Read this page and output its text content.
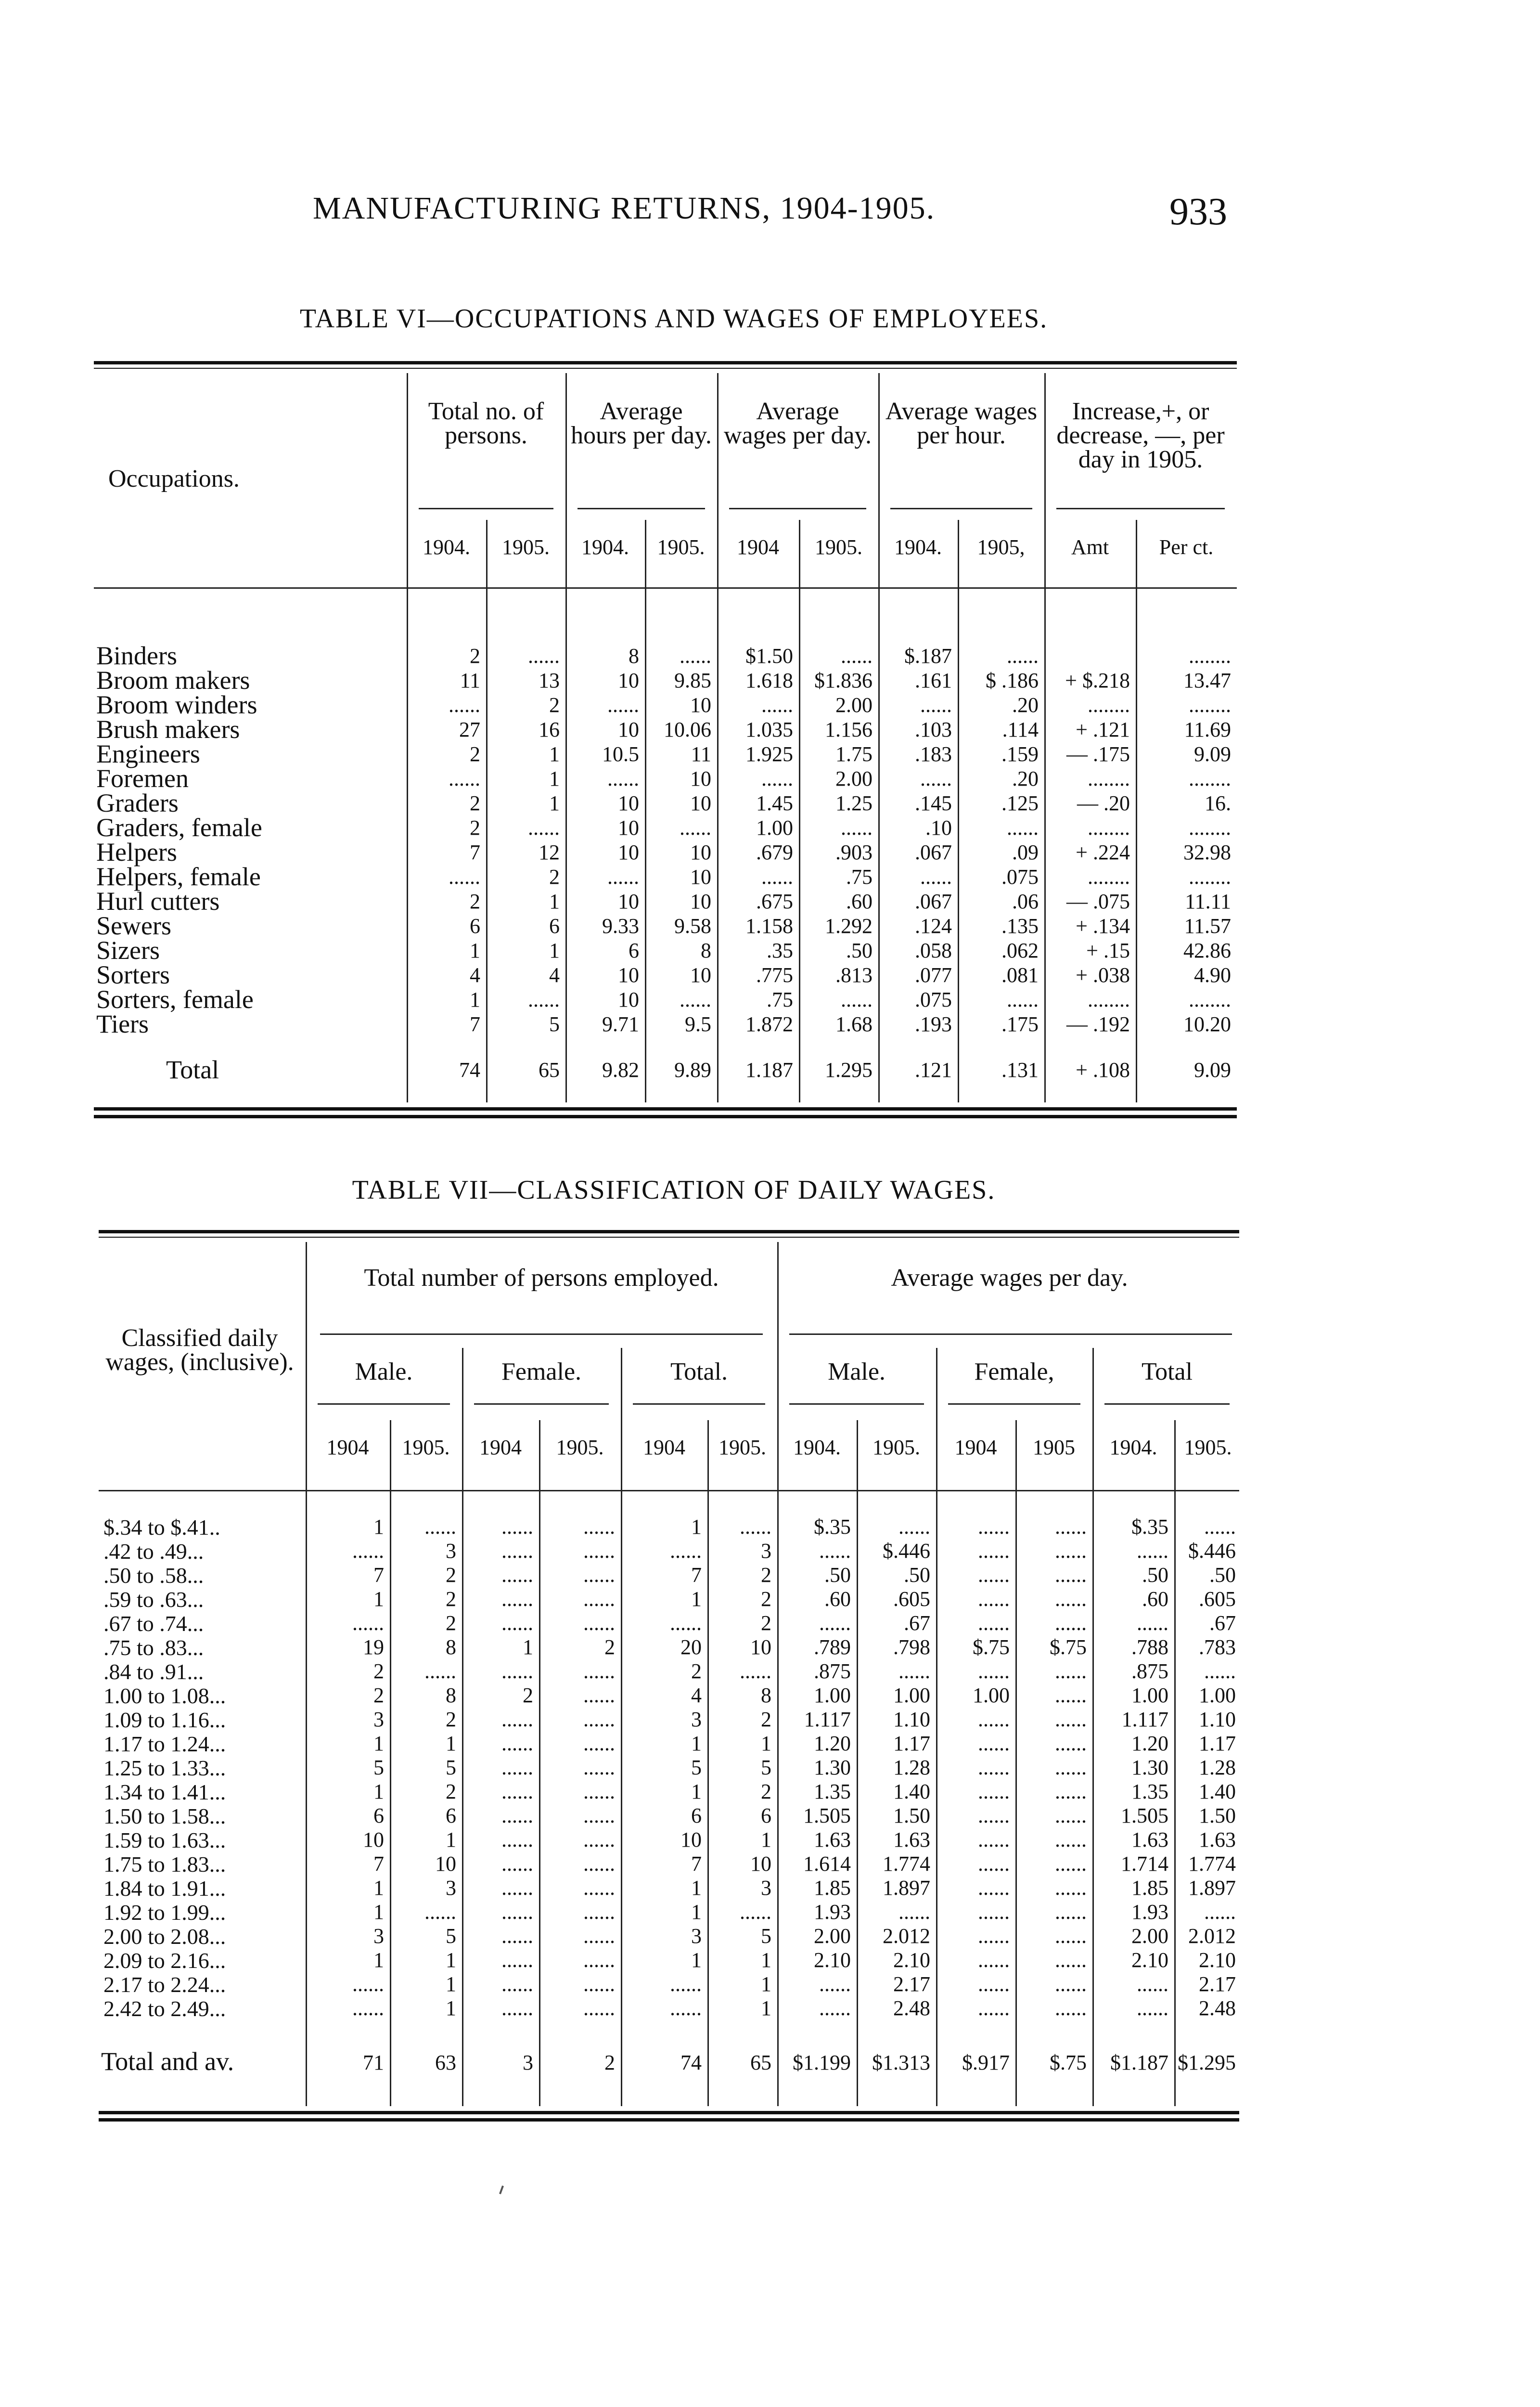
MANUFACTURING RETURNS, 1904-1905.	933
TABLE VI—OCCUPATIONS AND WAGES OF EMPLOYEES.
Occupations.
Total no. of persons.
Average hours per day.
Average wages per day.
Average wages per hour.
Increase,+, or decrease, —, per day in 1905.
1904.	1905.	1904.	1905.	1904	1905.	1904.	1905,	Amt	Per ct.
Binders	2	......	8	......	$1.50	......	$.187	......	........
Broom makers	11	13	10	9.85	1.618	$1.836	.161	$ .186	+ $.218	13.47
Broom winders	......	2	......	10	......	2.00	......	.20	........	........
Brush makers	27	16	10	10.06	1.035	1.156	.103	.114	+ .121	11.69
Engineers	2	1	10.5	11	1.925	1.75	.183	.159	— .175	9.09
Foremen	......	1	......	10	......	2.00	......	.20	........	........
Graders	2	1	10	10	1.45	1.25	.145	.125	— .20	16.
Graders, female	2	......	10	......	1.00	......	.10	......	........	........
Helpers	7	12	10	10	.679	.903	.067	.09	+ .224	32.98
Helpers, female	......	2	......	10	......	.75	......	.075	........	........
Hurl cutters	2	1	10	10	.675	.60	.067	.06	— .075	11.11
Sewers	6	6	9.33	9.58	1.158	1.292	.124	.135	+ .134	11.57
Sizers	1	1	6	8	.35	.50	.058	.062	+ .15	42.86
Sorters	4	4	10	10	.775	.813	.077	.081	+ .038	4.90
Sorters, female	1	......	10	......	.75	......	.075	......	........	........
Tiers	7	5	9.71	9.5	1.872	1.68	.193	.175	— .192	10.20
Total	74	65	9.82	9.89	1.187	1.295	.121	.131	+ .108	9.09
TABLE VII—CLASSIFICATION OF DAILY WAGES.
Classified daily wages, (inclusive).
Total number of persons employed.	Average wages per day.
Male.	Female.	Total.	Male.	Female,	Total
1904	1905.	1904	1905.	1904	1905.	1904.	1905.	1904	1905	1904.	1905.
$.34 to $.41..	1	......	......	......	1	......	$.35	......	......	......	$.35	......
.42 to .49...	......	3	......	......	......	3	......	$.446	......	......	...... $.446
.50 to .58...	7	2	......	......	7	2	.50	.50	......	......	.50	.50
.59 to .63...	1	2	......	......	1	2	.60	.605	......	......	.60	.605
.67 to .74...	......	2	......	......	......	2	......	.67	......	......	......	.67
.75 to .83...	19	8	1	2	20	10	.789	.798	$.75	$.75	.788	.783
.84 to .91...	2	......	......	......	2	......	.875	......	......	......	.875	......
1.00 to 1.08...	2	8	2	......	4	8	1.00	1.00	1.00	......	1.00	1.00
1.09 to 1.16...	3	2	......	......	3	2	1.117	1.10	......	......	1.117	1.10
1.17 to 1.24...	1	1	......	......	1	1	1.20	1.17	......	......	1.20	1.17
1.25 to 1.33...	5	5	......	......	5	5	1.30	1.28	......	......	1.30	1.28
1.34 to 1.41...	1	2	......	......	1	2	1.35	1.40	......	......	1.35	1.40
1.50 to 1.58...	6	6	......	......	6	6	1.505	1.50	......	......	1.505	1.50
1.59 to 1.63...	10	1	......	......	10	1	1.63	1.63	......	......	1.63	1.63
1.75 to 1.83...	7	10	......	......	7	10	1.614	1.774	......	......	1.714 1.774
1.84 to 1.91...	1	3	......	......	1	3	1.85	1.897	......	......	1.85 1.897
1.92 to 1.99...	1	......	......	......	1	......	1.93	......	......	......	1.93	......
2.00 to 2.08...	3	5	......	......	3	5	2.00	2.012	......	......	2.00 2.012
2.09 to 2.16...	1	1	......	......	1	1	2.10	2.10	......	......	2.10	2.10
2.17 to 2.24...	......	1	......	......	......	1	......	2.17	......	......	......	2.17
2.42 to 2.49...	......	1	......	......	......	1	......	2.48	......	......	......	2.48
Total and av.	71	63	3	2	74	65	$1.199	$1.313	$.917	$.75	$1.187 $1.295
